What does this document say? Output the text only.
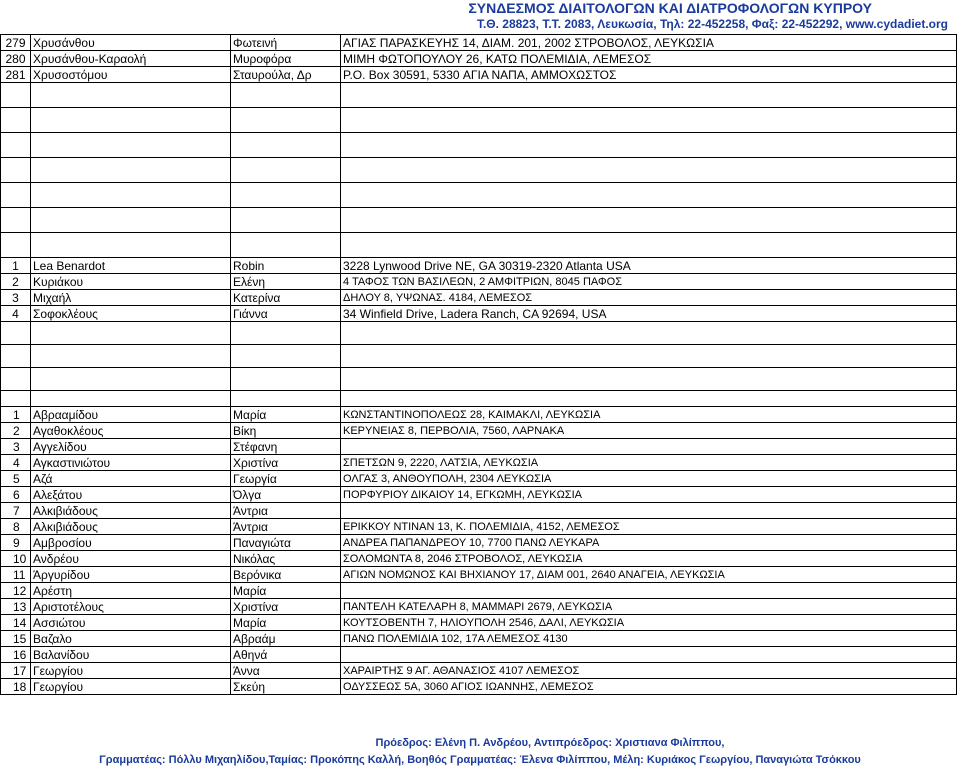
ΣΥΝΔΕΣΜΟΣ ΔΙΑΙΤΟΛΟΓΩΝ ΚΑΙ ΔΙΑΤΡΟΦΟΛΟΓΩΝ ΚΥΠΡΟΥ
Τ.Θ. 28823, Τ.Τ. 2083, Λευκωσία, Τηλ: 22-452258, Φαξ: 22-452292, www.cydadiet.org
279	Χρυσάνθου	Φωτεινή	ΑΓΙΑΣ ΠΑΡΑΣΚΕΥΗΣ 14, ΔΙΑΜ. 201, 2002 ΣΤΡΟΒΟΛΟΣ, ΛΕΥΚΩΣΙΑ
280	Χρυσάνθου-Καραολή	Μυροφόρα	ΜΙΜΗ ΦΩΤΟΠΟΥΛΟΥ 26, ΚΑΤΩ ΠΟΛΕΜΙΔΙΑ, ΛΕΜΕΣΟΣ
281	Χρυσοστόμου	Σταυρούλα, Δρ	P.O. Box 30591, 5330 ΑΓΙΑ ΝΑΠΑ, ΑΜΜΟΧΩΣΤΟΣ

1	Lea Benardot	Robin	3228 Lynwood Drive NE, GA 30319-2320 Atlanta USA
2	Κυριάκου	Ελένη	4 ΤΑΦΟΣ ΤΩΝ ΒΑΣΙΛΕΩΝ, 2 ΑΜΦΙΤΡΙΩΝ, 8045 ΠΑΦΟΣ
3	Μιχαήλ	Κατερίνα	ΔΗΛΟΥ 8, ΥΨΩΝΑΣ. 4184, ΛΕΜΕΣΟΣ
4	Σοφοκλέους	Γιάννα	34 Winfield Drive, Ladera Ranch, CA 92694, USA

1	Αβρααμίδου	Μαρία	ΚΩΝΣΤΑΝΤΙΝΟΠΟΛΕΩΣ 28, ΚΑΙΜΑΚΛΙ, ΛΕΥΚΩΣΙΑ
2	Αγαθοκλέους	Βίκη	ΚΕΡΥΝΕΙΑΣ 8, ΠΕΡΒΟΛΙΑ, 7560, ΛΑΡΝΑΚΑ
3	Αγγελίδου	Στέφανη	
4	Αγκαστινιώτου	Χριστίνα	ΣΠΕΤΣΩΝ 9, 2220, ΛΑΤΣΙΑ, ΛΕΥΚΩΣΙΑ
5	Αζά	Γεωργία	ΟΛΓΑΣ 3, ΑΝΘΟΥΠΟΛΗ, 2304 ΛΕΥΚΩΣΙΑ
6	Αλεξάτου	Όλγα	ΠΟΡΦΥΡΙΟΥ ΔΙΚΑΙΟΥ 14, ΕΓΚΩΜΗ, ΛΕΥΚΩΣΙΑ
7	Αλκιβιάδους	Άντρια	
8	Αλκιβιάδους	Άντρια	ΕΡΙΚΚΟΥ ΝΤΙΝΑΝ 13, Κ. ΠΟΛΕΜΙΔΙΑ, 4152, ΛΕΜΕΣΟΣ
9	Αμβροσίου	Παναγιώτα	ΑΝΔΡΕΑ ΠΑΠΑΝΔΡΕΟΥ 10, 7700 ΠΑΝΩ ΛΕΥΚΑΡΑ
10	Ανδρέου	Νικόλας	ΣΟΛΟΜΩΝΤΑ 8, 2046 ΣΤΡΟΒΟΛΟΣ, ΛΕΥΚΩΣΙΑ
11	Άργυρίδου	Βερόνικα	ΑΓΙΩΝ ΝΟΜΩΝΟΣ ΚΑΙ ΒΗΧΙΑΝΟΥ 17, ΔΙΑΜ 001, 2640 ΑΝΑΓΕΙΑ, ΛΕΥΚΩΣΙΑ
12	Αρέστη	Μαρία	
13	Αριστοτέλους	Χριστίνα	ΠΑΝΤΕΛΗ ΚΑΤΕΛΑΡΗ 8, ΜΑΜΜΑΡΙ 2679, ΛΕΥΚΩΣΙΑ
14	Ασσιώτου	Μαρία	ΚΟΥΤΣΟΒΕΝΤΗ 7, ΗΛΙΟΥΠΟΛΗ 2546, ΔΑΛΙ, ΛΕΥΚΩΣΙΑ
15	Βαζαλο	Αβραάμ	ΠΑΝΩ ΠΟΛΕΜΙΔΙΑ 102, 17Α ΛΕΜΕΣΟΣ 4130
16	Βαλανίδου	Αθηνά	
17	Γεωργίου	Άννα	ΧΑΡΑΙΡΤΗΣ 9 ΑΓ. ΑΘΑΝΑΣΙΟΣ 4107 ΛΕΜΕΣΟΣ
18	Γεωργίου	Σκεύη	ΟΔΥΣΣΕΩΣ 5Α, 3060 ΑΓΙΟΣ ΙΩΑΝΝΗΣ, ΛΕΜΕΣΟΣ
Πρόεδρος: Ελένη Π. Ανδρέου, Αντιπρόεδρος: Χριστιανα Φιλίππου,
Γραμματέας: Πόλλυ Μιχαηλίδου,Ταμίας: Προκόπης Καλλή, Βοηθός Γραμματέας: Έλενα Φιλίππου, Μέλη: Κυριάκος Γεωργίου, Παναγιώτα Τσόκκου
